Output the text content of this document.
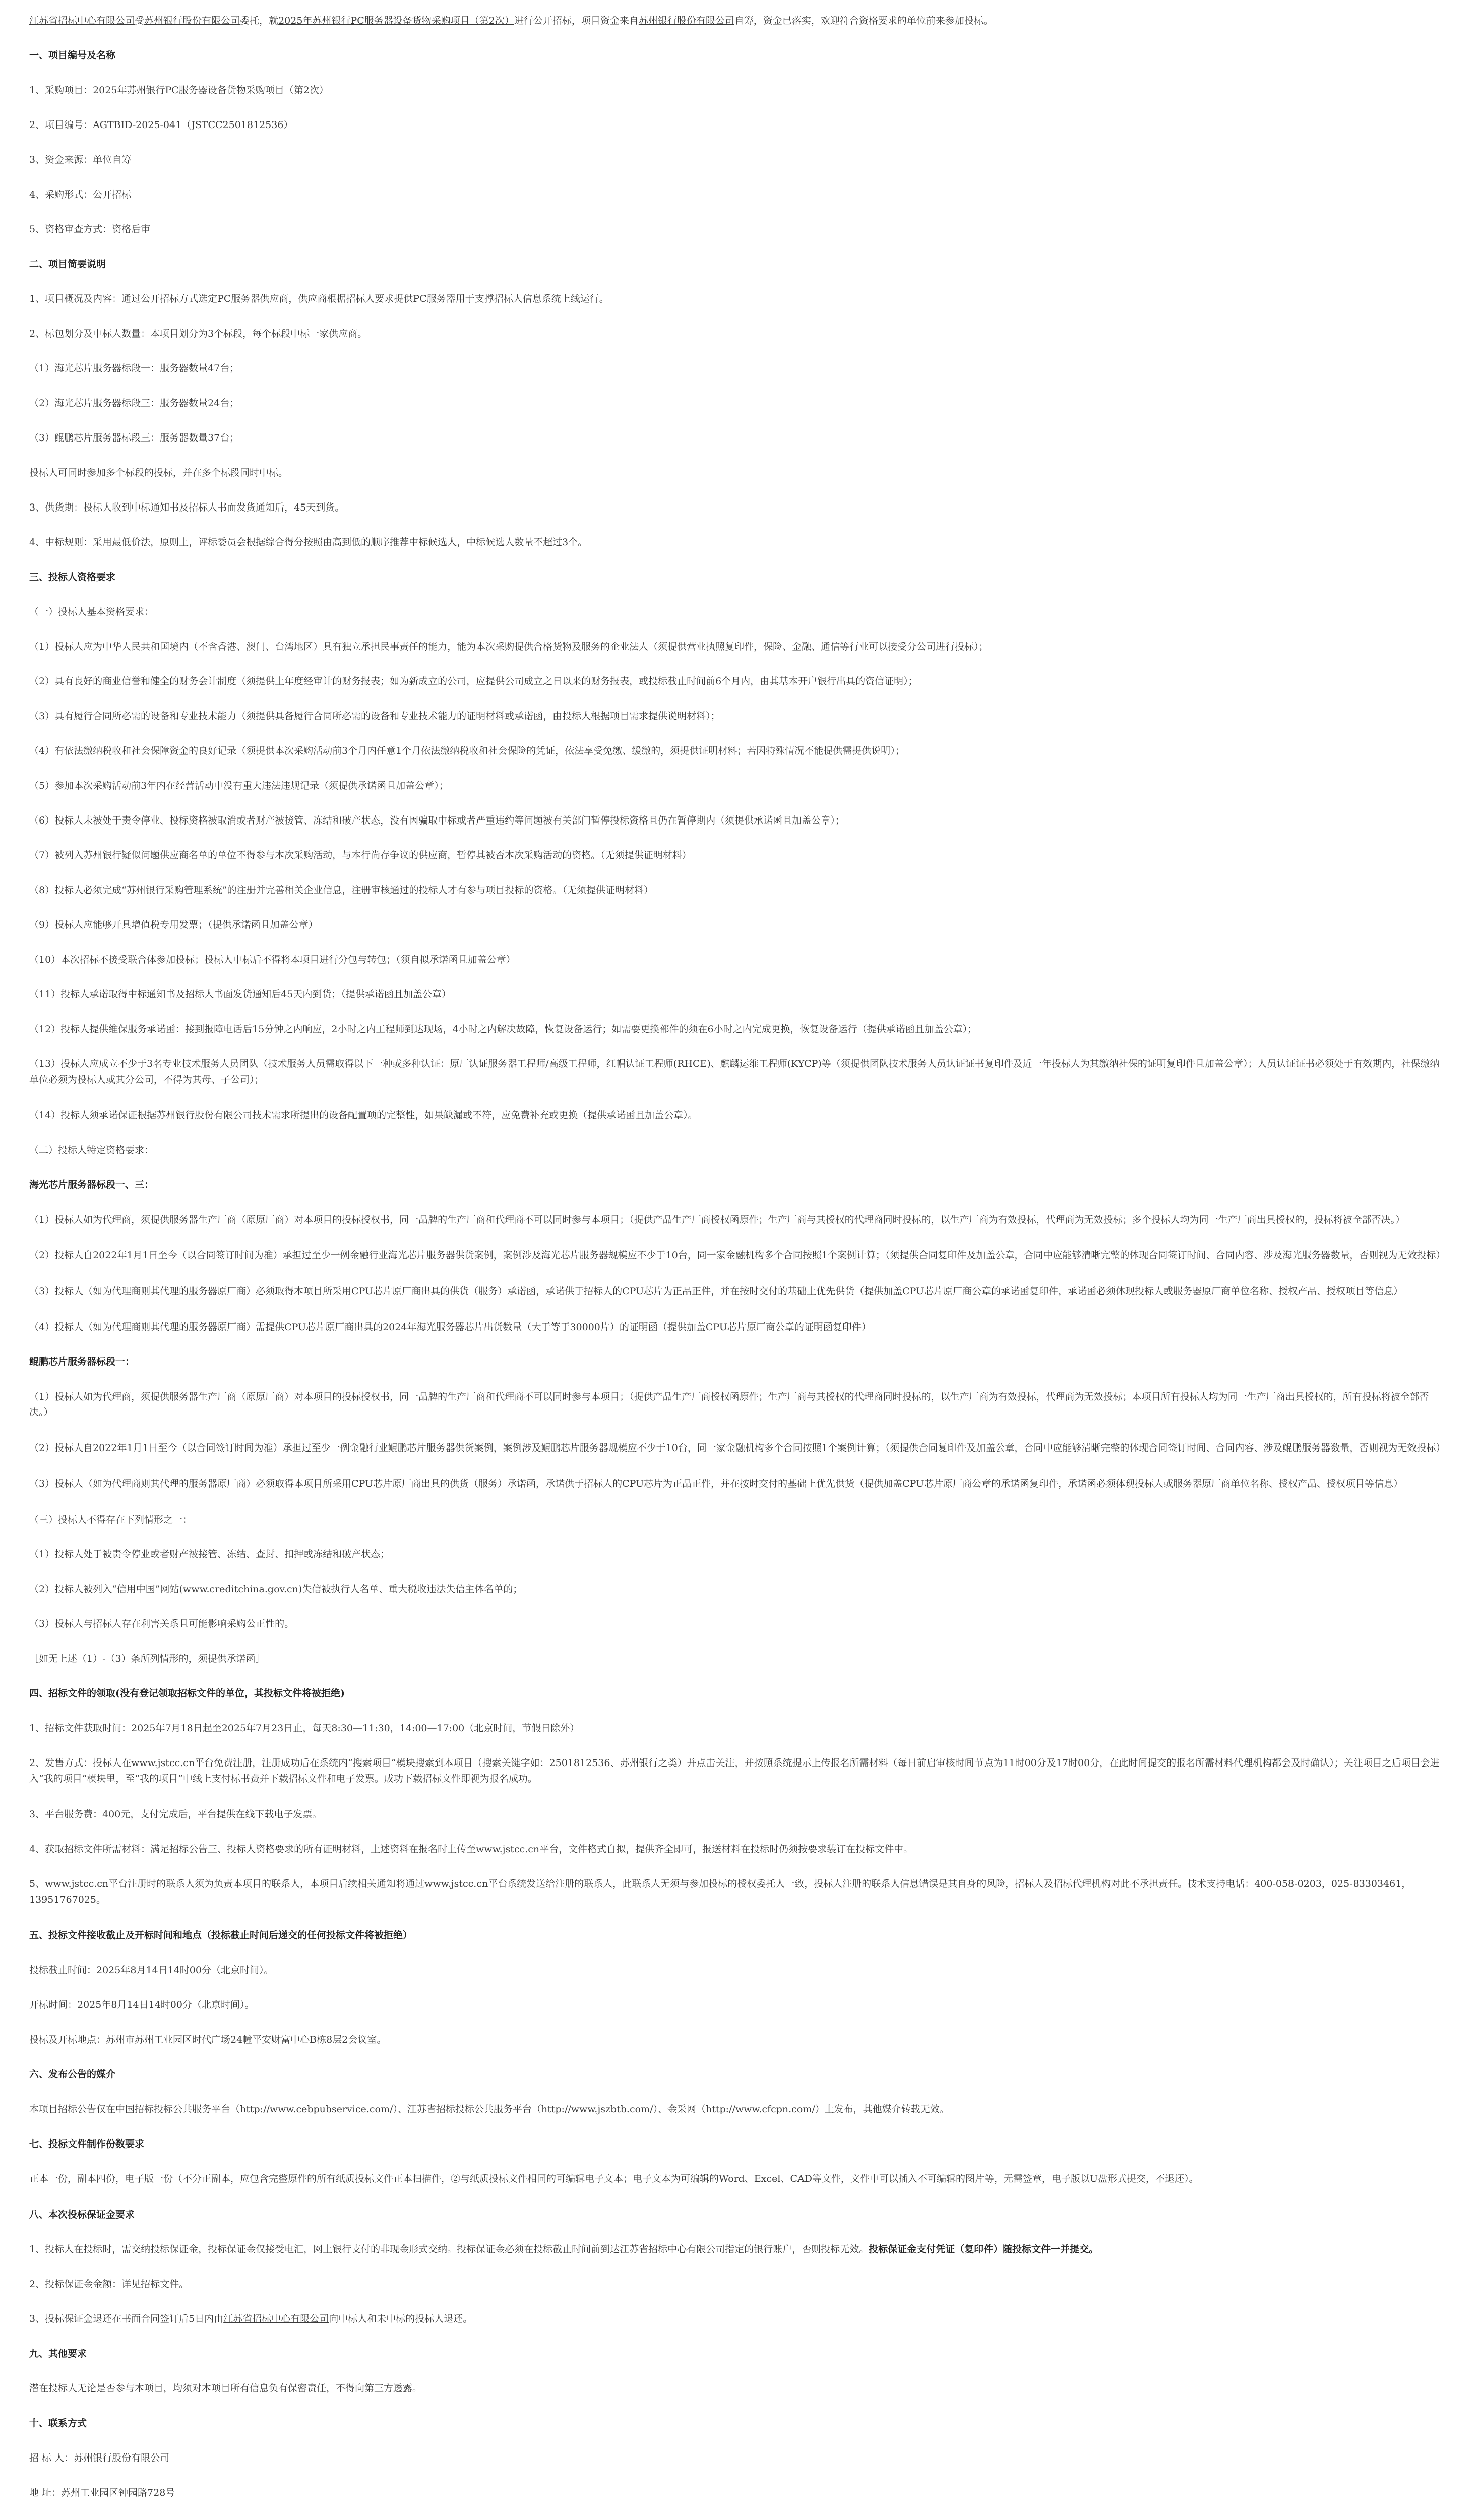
江苏省招标中心有限公司受苏州银行股份有限公司委托，就2025年苏州银行PC服务器设备货物采购项目（第2次）进行公开招标，项目资金来自苏州银行股份有限公司自筹，资金已落实，欢迎符合资格要求的单位前来参加投标。

一、项目编号及名称

1、采购项目：2025年苏州银行PC服务器设备货物采购项目（第2次）

2、项目编号：AGTBID-2025-041（JSTCC2501812536）

3、资金来源：单位自筹

4、采购形式：公开招标

5、资格审查方式：资格后审

二、项目简要说明

1、项目概况及内容：通过公开招标方式选定PC服务器供应商，供应商根据招标人要求提供PC服务器用于支撑招标人信息系统上线运行。

2、标包划分及中标人数量：本项目划分为3个标段，每个标段中标一家供应商。

（1）海光芯片服务器标段一：服务器数量47台；

（2）海光芯片服务器标段三：服务器数量24台；

（3）鲲鹏芯片服务器标段三：服务器数量37台；

投标人可同时参加多个标段的投标，并在多个标段同时中标。

3、供货期：投标人收到中标通知书及招标人书面发货通知后，45天到货。

4、中标规则：采用最低价法，原则上，评标委员会根据综合得分按照由高到低的顺序推荐中标候选人，中标候选人数量不超过3个。

三、投标人资格要求

（一）投标人基本资格要求：

（1）投标人应为中华人民共和国境内（不含香港、澳门、台湾地区）具有独立承担民事责任的能力，能为本次采购提供合格货物及服务的企业法人（须提供营业执照复印件，保险、金融、通信等行业可以接受分公司进行投标）；

（2）具有良好的商业信誉和健全的财务会计制度（须提供上年度经审计的财务报表；如为新成立的公司，应提供公司成立之日以来的财务报表，或投标截止时间前6个月内，由其基本开户银行出具的资信证明）；

（3）具有履行合同所必需的设备和专业技术能力（须提供具备履行合同所必需的设备和专业技术能力的证明材料或承诺函，由投标人根据项目需求提供说明材料）；

（4）有依法缴纳税收和社会保障资金的良好记录（须提供本次采购活动前3个月内任意1个月依法缴纳税收和社会保险的凭证，依法享受免缴、缓缴的，须提供证明材料；若因特殊情况不能提供需提供说明）；

（5）参加本次采购活动前3年内在经营活动中没有重大违法违规记录（须提供承诺函且加盖公章）；

（6）投标人未被处于责令停业、投标资格被取消或者财产被接管、冻结和破产状态，没有因骗取中标或者严重违约等问题被有关部门暂停投标资格且仍在暂停期内（须提供承诺函且加盖公章）；

（7）被列入苏州银行疑似问题供应商名单的单位不得参与本次采购活动，与本行尚存争议的供应商，暂停其被否本次采购活动的资格。（无须提供证明材料）

（8）投标人必须完成“苏州银行采购管理系统”的注册并完善相关企业信息，注册审核通过的投标人才有参与项目投标的资格。（无须提供证明材料）

（9）投标人应能够开具增值税专用发票；（提供承诺函且加盖公章）

（10）本次招标不接受联合体参加投标；投标人中标后不得将本项目进行分包与转包；（须自拟承诺函且加盖公章）

（11）投标人承诺取得中标通知书及招标人书面发货通知后45天内到货；（提供承诺函且加盖公章）

（12）投标人提供维保服务承诺函：接到报障电话后15分钟之内响应，2小时之内工程师到达现场，4小时之内解决故障，恢复设备运行；如需要更换部件的须在6小时之内完成更换，恢复设备运行（提供承诺函且加盖公章）；

（13）投标人应成立不少于3名专业技术服务人员团队（技术服务人员需取得以下一种或多种认证：原厂认证服务器工程师/高级工程师，红帽认证工程师(RHCE)、麒麟运维工程师(KYCP)等（须提供团队技术服务人员认证证书复印件及近一年投标人为其缴纳社保的证明复印件且加盖公章）；人员认证证书必须处于有效期内，社保缴纳单位必须为投标人或其分公司，不得为其母、子公司）；

（14）投标人须承诺保证根据苏州银行股份有限公司技术需求所提出的设备配置项的完整性，如果缺漏或不符，应免费补充或更换（提供承诺函且加盖公章）。

（二）投标人特定资格要求：

海光芯片服务器标段一、三：

（1）投标人如为代理商，须提供服务器生产厂商（原原厂商）对本项目的投标授权书，同一品牌的生产厂商和代理商不可以同时参与本项目；（提供产品生产厂商授权函原件；生产厂商与其授权的代理商同时投标的，以生产厂商为有效投标，代理商为无效投标；多个投标人均为同一生产厂商出具授权的，投标将被全部否决。）

（2）投标人自2022年1月1日至今（以合同签订时间为准）承担过至少一例金融行业海光芯片服务器供货案例，案例涉及海光芯片服务器规模应不少于10台，同一家金融机构多个合同按照1个案例计算；（须提供合同复印件及加盖公章，合同中应能够清晰完整的体现合同签订时间、合同内容、涉及海光服务器数量，否则视为无效投标）

（3）投标人（如为代理商则其代理的服务器原厂商）必须取得本项目所采用CPU芯片原厂商出具的供货（服务）承诺函，承诺供于招标人的CPU芯片为正品正件，并在按时交付的基础上优先供货（提供加盖CPU芯片原厂商公章的承诺函复印件，承诺函必须体现投标人或服务器原厂商单位名称、授权产品、授权项目等信息）

（4）投标人（如为代理商则其代理的服务器原厂商）需提供CPU芯片原厂商出具的2024年海光服务器芯片出货数量（大于等于30000片）的证明函（提供加盖CPU芯片原厂商公章的证明函复印件）

鲲鹏芯片服务器标段一：

（1）投标人如为代理商，须提供服务器生产厂商（原原厂商）对本项目的投标授权书，同一品牌的生产厂商和代理商不可以同时参与本项目；（提供产品生产厂商授权函原件；生产厂商与其授权的代理商同时投标的，以生产厂商为有效投标，代理商为无效投标；本项目所有投标人均为同一生产厂商出具授权的，所有投标将被全部否决。）

（2）投标人自2022年1月1日至今（以合同签订时间为准）承担过至少一例金融行业鲲鹏芯片服务器供货案例，案例涉及鲲鹏芯片服务器规模应不少于10台，同一家金融机构多个合同按照1个案例计算；（须提供合同复印件及加盖公章，合同中应能够清晰完整的体现合同签订时间、合同内容、涉及鲲鹏服务器数量，否则视为无效投标）

（3）投标人（如为代理商则其代理的服务器原厂商）必须取得本项目所采用CPU芯片原厂商出具的供货（服务）承诺函，承诺供于招标人的CPU芯片为正品正件，并在按时交付的基础上优先供货（提供加盖CPU芯片原厂商公章的承诺函复印件，承诺函必须体现投标人或服务器原厂商单位名称、授权产品、授权项目等信息）

（三）投标人不得存在下列情形之一：

（1）投标人处于被责令停业或者财产被接管、冻结、查封、扣押或冻结和破产状态；

（2）投标人被列入“信用中国”网站(www.creditchina.gov.cn)失信被执行人名单、重大税收违法失信主体名单的；

（3）投标人与招标人存在利害关系且可能影响采购公正性的。

［如无上述（1）-（3）条所列情形的，须提供承诺函］

四、招标文件的领取(没有登记领取招标文件的单位，其投标文件将被拒绝)

1、招标文件获取时间：2025年7月18日起至2025年7月23日止，每天8:30—11:30，14:00—17:00（北京时间，节假日除外）

2、发售方式：投标人在www.jstcc.cn平台免费注册，注册成功后在系统内“搜索项目”模块搜索到本项目（搜索关键字如：2501812536、苏州银行之类）并点击关注，并按照系统提示上传报名所需材料（每日前启审核时间节点为11时00分及17时00分，在此时间提交的报名所需材料代理机构都会及时确认）；关注项目之后项目会进入“我的项目”模块里，至“我的项目”中线上支付标书费并下载招标文件和电子发票。成功下载招标文件即视为报名成功。

3、平台服务费：400元，支付完成后，平台提供在线下载电子发票。

4、获取招标文件所需材料：满足招标公告三、投标人资格要求的所有证明材料，上述资料在报名时上传至www.jstcc.cn平台，文件格式自拟，提供齐全即可，报送材料在投标时仍须按要求装订在投标文件中。

5、www.jstcc.cn平台注册时的联系人须为负责本项目的联系人，本项目后续相关通知将通过www.jstcc.cn平台系统发送给注册的联系人，此联系人无须与参加投标的授权委托人一致，投标人注册的联系人信息错误是其自身的风险，招标人及招标代理机构对此不承担责任。技术支持电话：400-058-0203，025-83303461，13951767025。

五、投标文件接收截止及开标时间和地点（投标截止时间后递交的任何投标文件将被拒绝）

投标截止时间：2025年8月14日14时00分（北京时间）。

开标时间：2025年8月14日14时00分（北京时间）。

投标及开标地点：苏州市苏州工业园区时代广场24幢平安财富中心B栋8层2会议室。

六、发布公告的媒介

本项目招标公告仅在中国招标投标公共服务平台（http://www.cebpubservice.com/）、江苏省招标投标公共服务平台（http://www.jszbtb.com/）、金采网（http://www.cfcpn.com/）上发布，其他媒介转载无效。

七、投标文件制作份数要求

正本一份，副本四份，电子版一份（不分正副本，应包含完整原件的所有纸质投标文件正本扫描件，②与纸质投标文件相同的可编辑电子文本；电子文本为可编辑的Word、Excel、CAD等文件，文件中可以插入不可编辑的图片等，无需签章，电子版以U盘形式提交，不退还）。

八、本次投标保证金要求

1、投标人在投标时，需交纳投标保证金，投标保证金仅接受电汇，网上银行支付的非现金形式交纳。投标保证金必须在投标截止时间前到达江苏省招标中心有限公司指定的银行账户，否则投标无效。投标保证金支付凭证（复印件）随投标文件一并提交。

2、投标保证金金额：详见招标文件。

3、投标保证金退还在书面合同签订后5日内由江苏省招标中心有限公司向中标人和未中标的投标人退还。

九、其他要求

潜在投标人无论是否参与本项目，均须对本项目所有信息负有保密责任，不得向第三方透露。

十、联系方式

招 标 人：苏州银行股份有限公司

地 址：苏州工业园区钟园路728号
